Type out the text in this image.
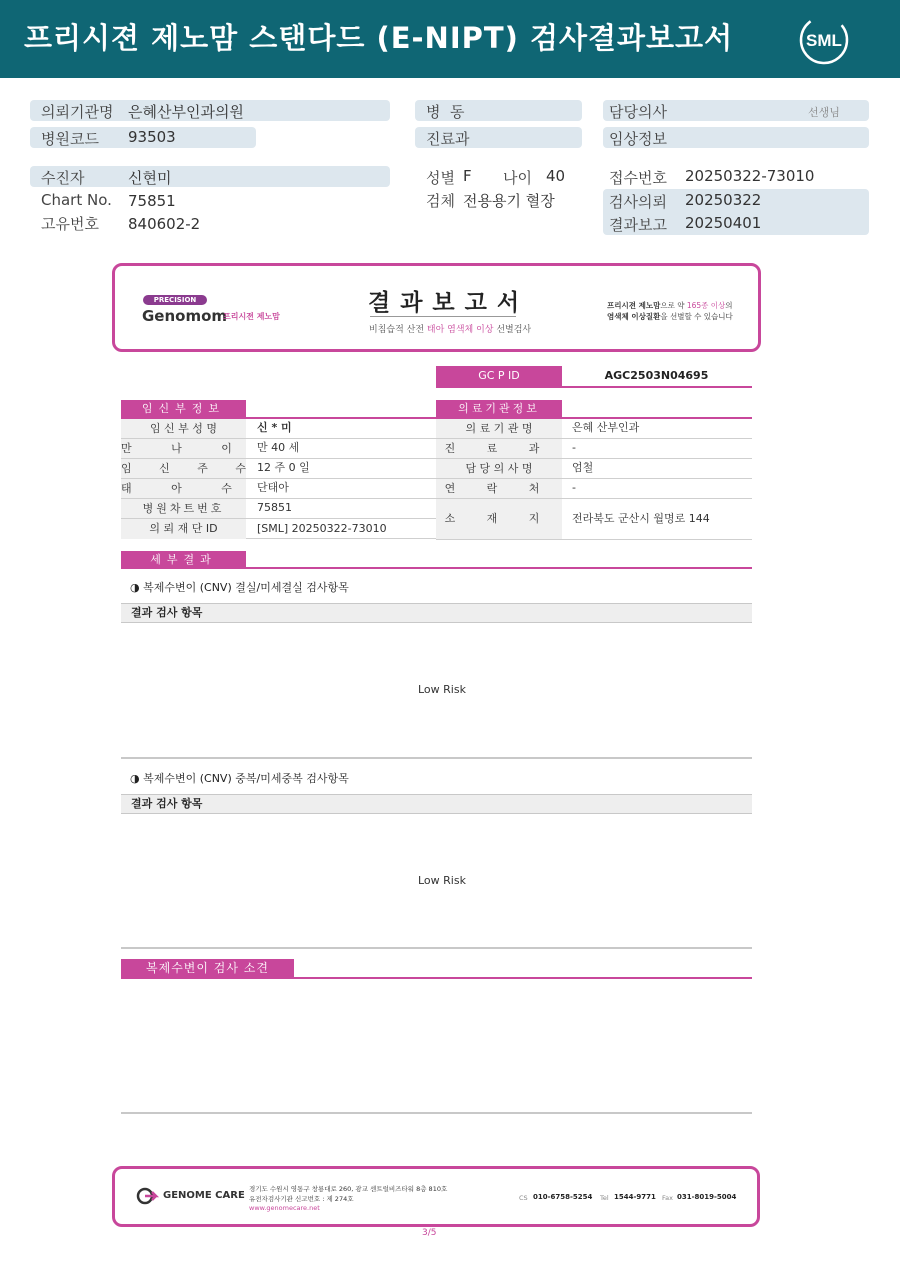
프리시젼 제노맘 스탠다드 (E-NIPT) 검사결과보고서	SML
의뢰기관명 은혜산부인과의원
병원코드 93503
병  동
진료과
담당의사	선생님
임상정보
수진자	신현미
Chart No. 75851
고유번호 840602-2
성별 F 나이 40
검체 전용용기 혈장
접수번호 20250322-73010
검사의뢰 20250322
결과보고 20250401
PRECISION
Genomom
프리시젼 제노맘
결과보고서
비침습적 산전 태아 염색체 이상 선별검사
프리시젼 제노맘으로 약 165종 이상의
염색체 이상질환을 선별할 수 있습니다
GC P ID	AGC2503N04695
임신부정보
임 신 부 성 명	신 * 미
만 나 이 만 40 세
임 신 주 수 12 주 0 일
태 아 수 단태아
병원차트번호	75851
의 뢰 재 단 ID	[SML] 20250322-73010
의료기관정보
의 료 기 관 명	은혜 산부인과
진 료 과	-
담 당 의 사 명	엄철
연 락 처	-
소 재 지	전라북도 군산시 월명로 144
세부결과
◑ 복제수변이 (CNV) 결실/미세결실 검사항목
결과 검사 항목
Low Risk
◑ 복제수변이 (CNV) 중복/미세중복 검사항목
결과 검사 항목
Low Risk
복제수변이 검사 소견
GENOME CARE
경기도 수원시 영통구 창룡대로 260, 광교 센트럴비즈타워 8층 810호
유전자검사기관 신고번호 : 제 274호
www.genomecare.net
CS 010-6758-5254 Tel 1544-9771 Fax 031-8019-5004
3/5
